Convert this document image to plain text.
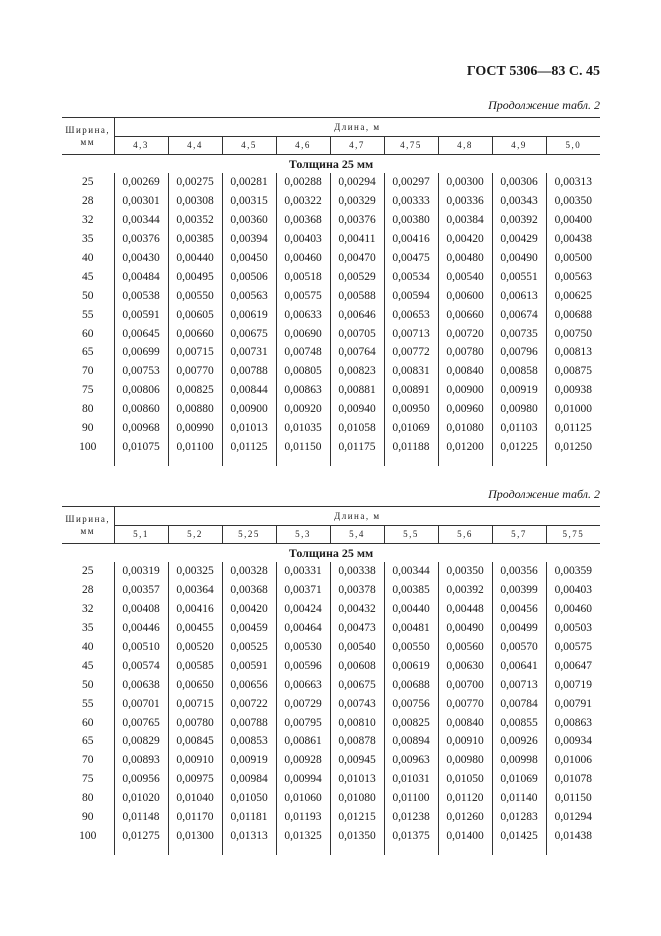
ГОСТ 5306—83 С. 45
Продолжение табл. 2
Ширина,
мм	Длина, м								
	4,3	4,4	4,5	4,6	4,7	4,75	4,8	4,9	5,0
Толщина 25 мм									
25	0,00269	0,00275	0,00281	0,00288	0,00294	0,00297	0,00300	0,00306	0,00313
28	0,00301	0,00308	0,00315	0,00322	0,00329	0,00333	0,00336	0,00343	0,00350
32	0,00344	0,00352	0,00360	0,00368	0,00376	0,00380	0,00384	0,00392	0,00400
35	0,00376	0,00385	0,00394	0,00403	0,00411	0,00416	0,00420	0,00429	0,00438
40	0,00430	0,00440	0,00450	0,00460	0,00470	0,00475	0,00480	0,00490	0,00500
45	0,00484	0,00495	0,00506	0,00518	0,00529	0,00534	0,00540	0,00551	0,00563
50	0,00538	0,00550	0,00563	0,00575	0,00588	0,00594	0,00600	0,00613	0,00625
55	0,00591	0,00605	0,00619	0,00633	0,00646	0,00653	0,00660	0,00674	0,00688
60	0,00645	0,00660	0,00675	0,00690	0,00705	0,00713	0,00720	0,00735	0,00750
65	0,00699	0,00715	0,00731	0,00748	0,00764	0,00772	0,00780	0,00796	0,00813
70	0,00753	0,00770	0,00788	0,00805	0,00823	0,00831	0,00840	0,00858	0,00875
75	0,00806	0,00825	0,00844	0,00863	0,00881	0,00891	0,00900	0,00919	0,00938
80	0,00860	0,00880	0,00900	0,00920	0,00940	0,00950	0,00960	0,00980	0,01000
90	0,00968	0,00990	0,01013	0,01035	0,01058	0,01069	0,01080	0,01103	0,01125
100	0,01075	0,01100	0,01125	0,01150	0,01175	0,01188	0,01200	0,01225	0,01250

Продолжение табл. 2
Ширина,
мм	Длина, м								
	5,1	5,2	5,25	5,3	5,4	5,5	5,6	5,7	5,75
Толщина 25 мм									
25	0,00319	0,00325	0,00328	0,00331	0,00338	0,00344	0,00350	0,00356	0,00359
28	0,00357	0,00364	0,00368	0,00371	0,00378	0,00385	0,00392	0,00399	0,00403
32	0,00408	0,00416	0,00420	0,00424	0,00432	0,00440	0,00448	0,00456	0,00460
35	0,00446	0,00455	0,00459	0,00464	0,00473	0,00481	0,00490	0,00499	0,00503
40	0,00510	0,00520	0,00525	0,00530	0,00540	0,00550	0,00560	0,00570	0,00575
45	0,00574	0,00585	0,00591	0,00596	0,00608	0,00619	0,00630	0,00641	0,00647
50	0,00638	0,00650	0,00656	0,00663	0,00675	0,00688	0,00700	0,00713	0,00719
55	0,00701	0,00715	0,00722	0,00729	0,00743	0,00756	0,00770	0,00784	0,00791
60	0,00765	0,00780	0,00788	0,00795	0,00810	0,00825	0,00840	0,00855	0,00863
65	0,00829	0,00845	0,00853	0,00861	0,00878	0,00894	0,00910	0,00926	0,00934
70	0,00893	0,00910	0,00919	0,00928	0,00945	0,00963	0,00980	0,00998	0,01006
75	0,00956	0,00975	0,00984	0,00994	0,01013	0,01031	0,01050	0,01069	0,01078
80	0,01020	0,01040	0,01050	0,01060	0,01080	0,01100	0,01120	0,01140	0,01150
90	0,01148	0,01170	0,01181	0,01193	0,01215	0,01238	0,01260	0,01283	0,01294
100	0,01275	0,01300	0,01313	0,01325	0,01350	0,01375	0,01400	0,01425	0,01438
